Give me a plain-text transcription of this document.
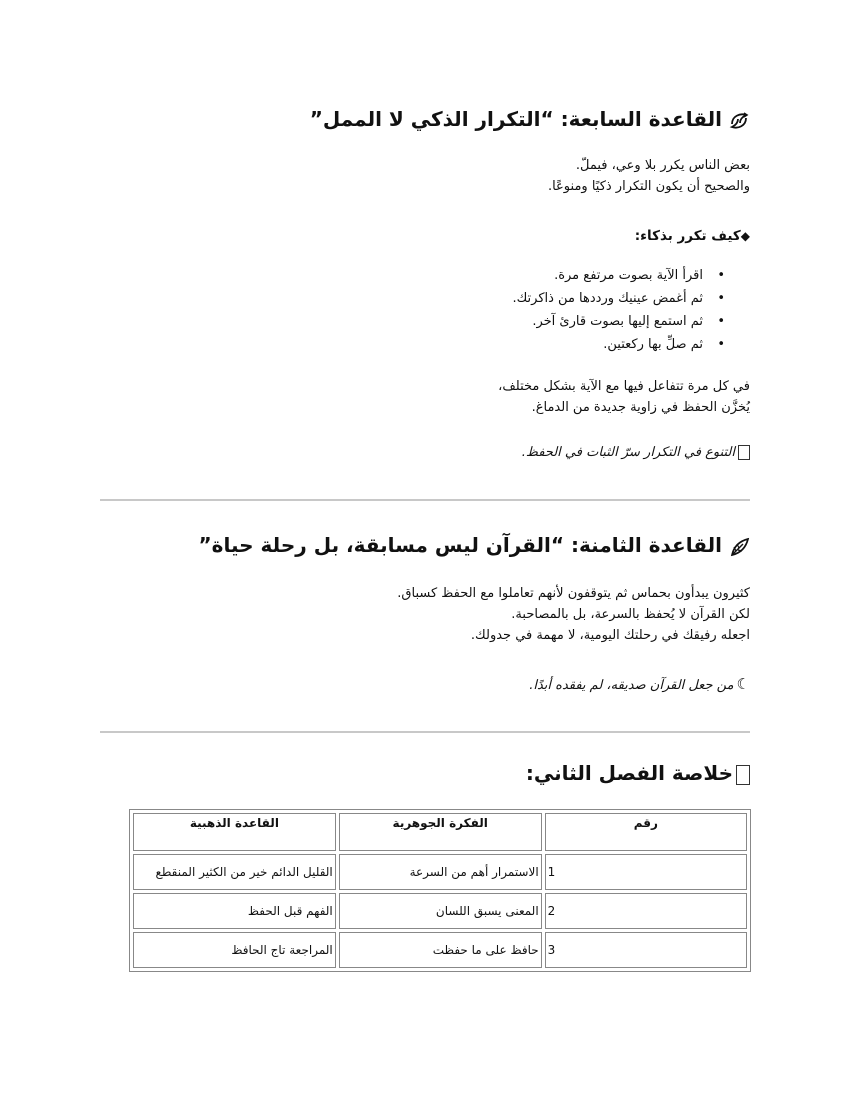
القاعدة السابعة: “التكرار الذكي لا الممل”

بعض الناس يكرر بلا وعي، فيملّ.

والصحيح أن يكون التكرار ذكيًا ومنوعًا.

◆كيف تكرر بذكاء:

• اقرأ الآية بصوت مرتفع مرة.
• ثم أغمض عينيك ورددها من ذاكرتك.
• ثم استمع إليها بصوت قارئ آخر.
• ثم صلِّ بها ركعتين.

في كل مرة تتفاعل فيها مع الآية بشكل مختلف،

يُخزَّن الحفظ في زاوية جديدة من الدماغ.

التنوع في التكرار سرّ الثبات في الحفظ.

القاعدة الثامنة: “القرآن ليس مسابقة، بل رحلة حياة”

كثيرون يبدأون بحماس ثم يتوقفون لأنهم تعاملوا مع الحفظ كسباق.

لكن القرآن لا يُحفظ بالسرعة، بل بالمصاحبة.

اجعله رفيقك في رحلتك اليومية، لا مهمة في جدولك.

☾من جعل القرآن صديقه، لم يفقده أبدًا.

خلاصة الفصل الثاني:
رقم	الفكرة الجوهرية	القاعدة الذهبية
1	الاستمرار أهم من السرعة	القليل الدائم خير من الكثير المنقطع
2	المعنى يسبق اللسان	الفهم قبل الحفظ
3	حافظ على ما حفظت	المراجعة تاج الحافظ
